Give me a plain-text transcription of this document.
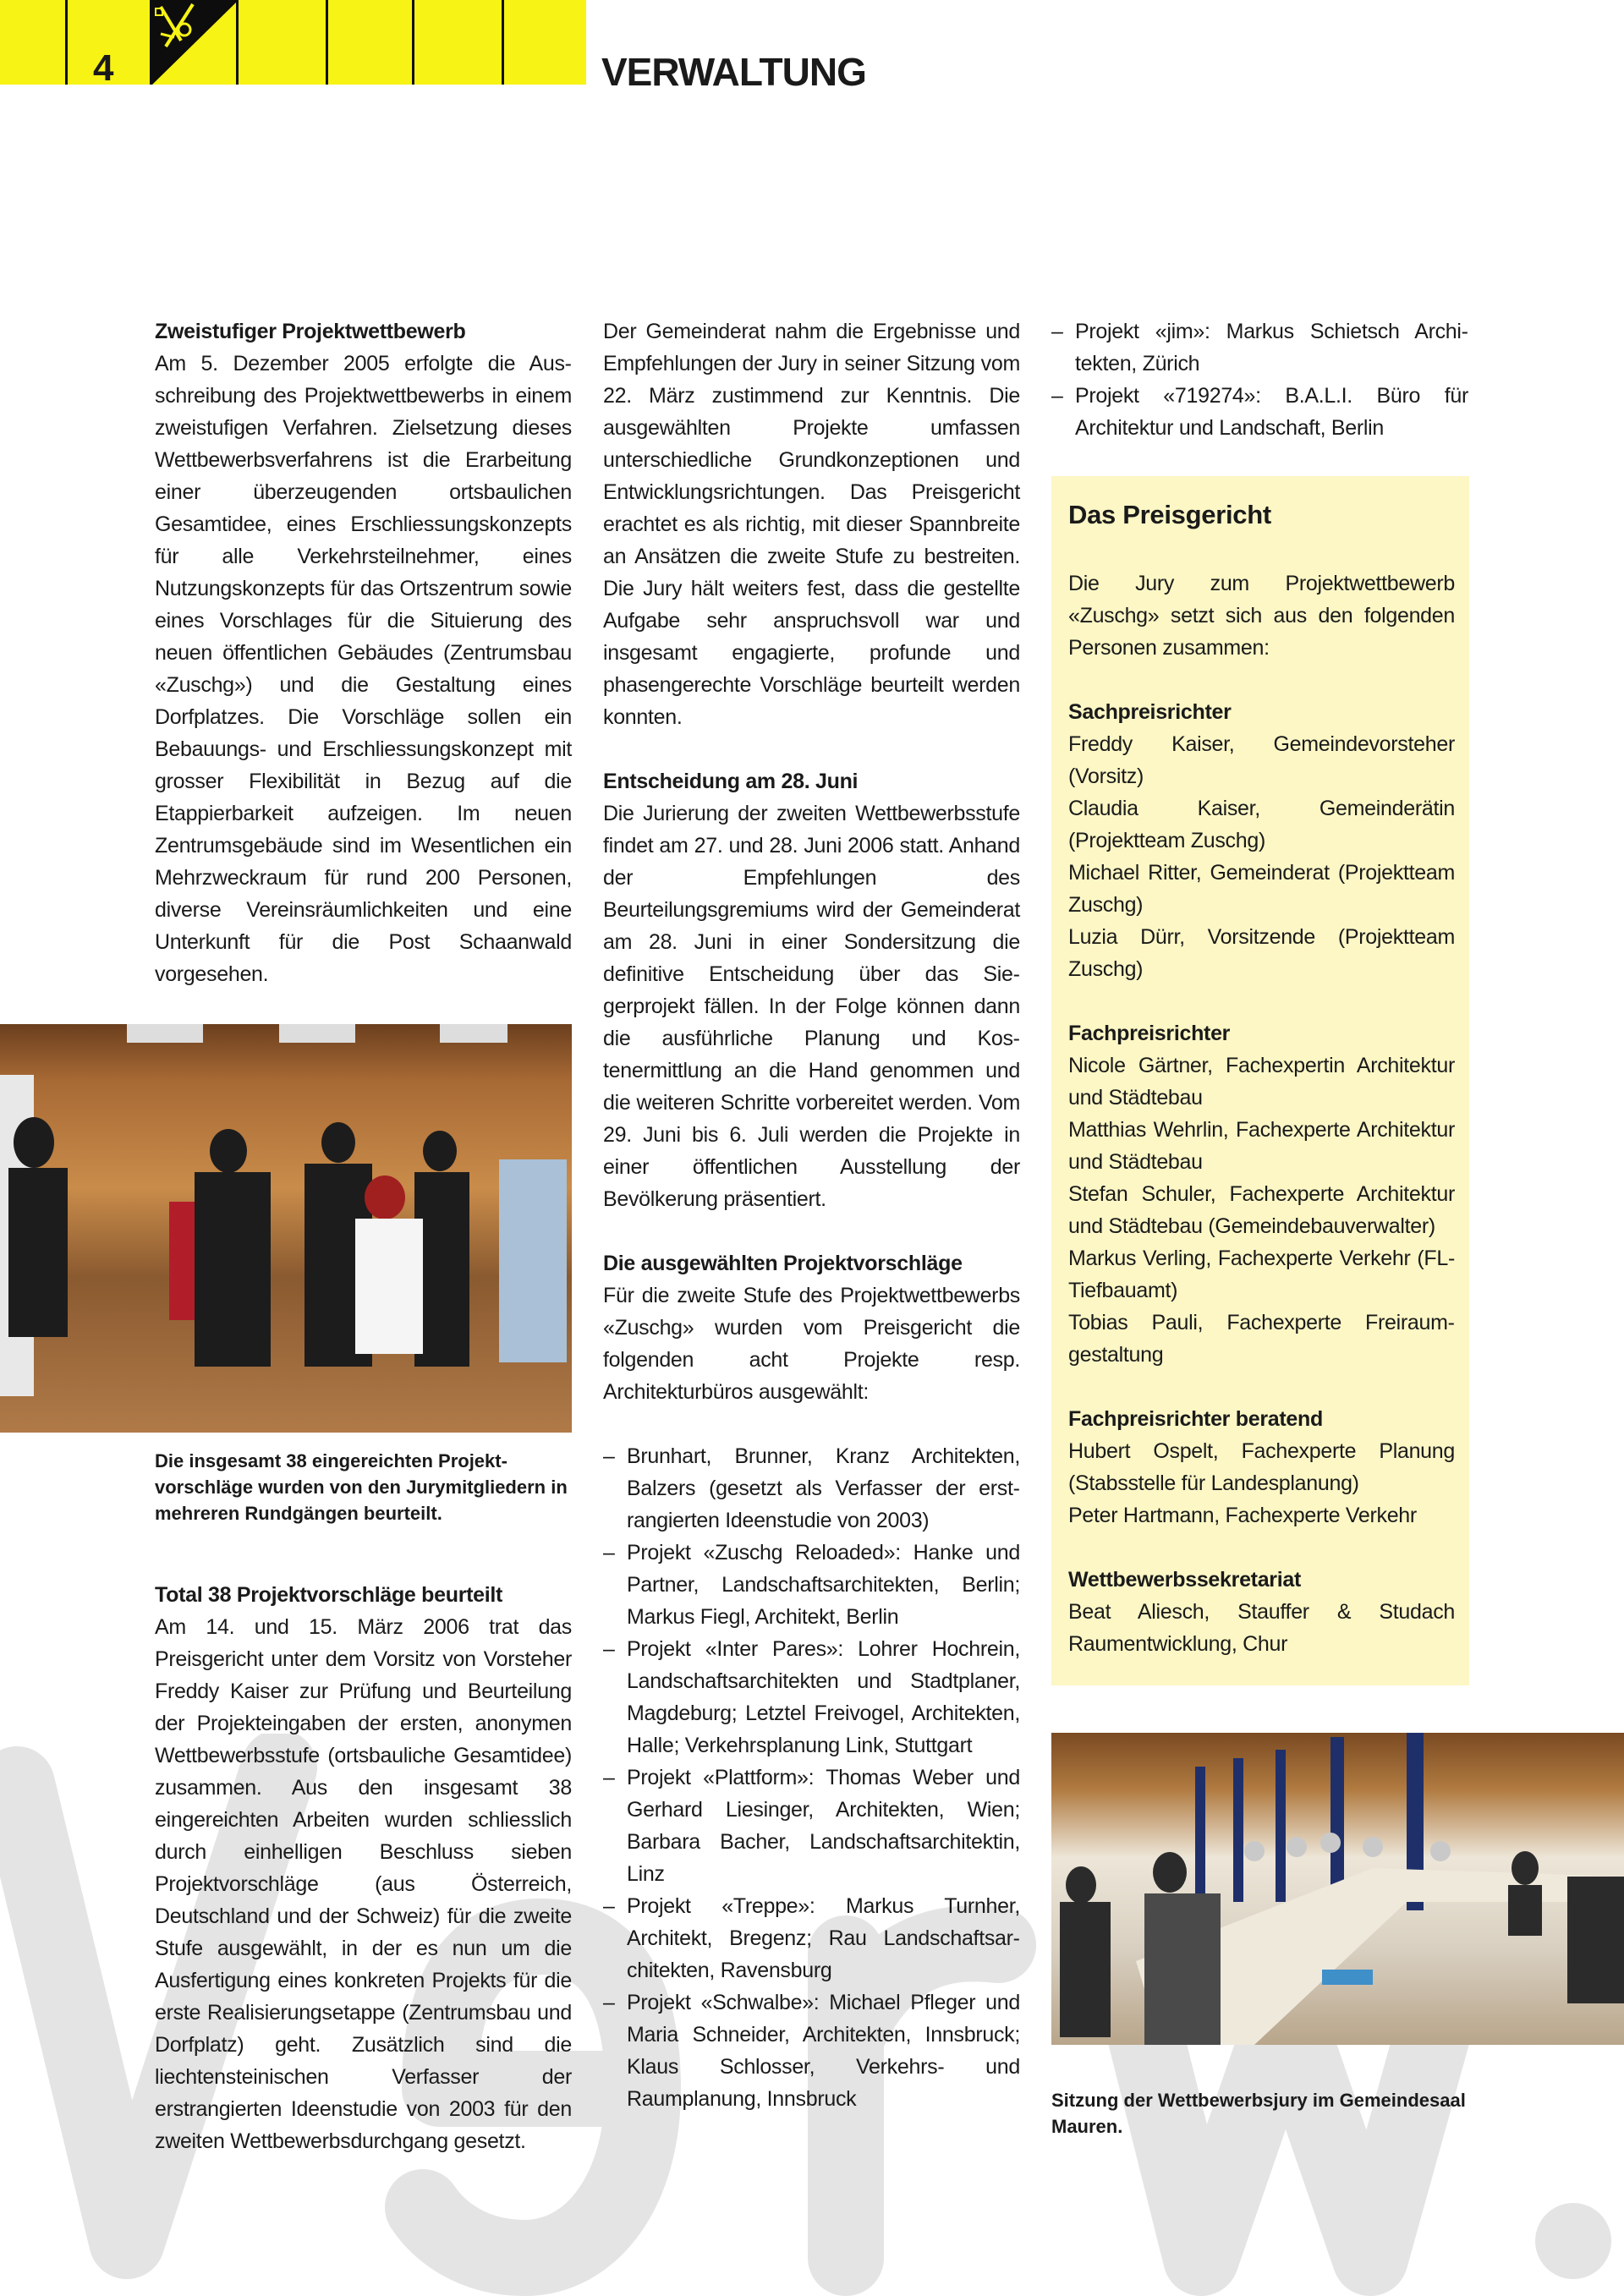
4	VERWALTUNG
Zweistufiger Projektwettbewerb

Am 5. Dezember 2005 erfolgte die Ausschreibung des Projektwettbewerbs in einem zweistufigen Verfahren. Zielsetzung dieses Wettbewerbsverfahrens ist die Erarbeitung einer überzeugenden ortsbaulichen Gesamtidee, eines Erschliessungskonzepts für alle Verkehrsteilnehmer, eines Nutzungskonzepts für das Ortszentrum sowie eines Vorschlages für die Situierung des neuen öffentlichen Gebäudes (Zentrumsbau «Zuschg») und die Gestaltung eines Dorfplatzes. Die Vorschläge sollen ein Bebauungs- und Erschliessungskonzept mit grosser Flexibilität in Bezug auf die Etappierbarkeit aufzeigen. Im neuen Zentrumsgebäude sind im Wesentlichen ein Mehrzweckraum für rund 200 Personen, diverse Vereinsräumlichkeiten und eine Unterkunft für die Post Schaanwald vorgesehen.

Die insgesamt 38 eingereichten Projektvorschläge wurden von den Jurymitgliedern in mehreren Rundgängen beurteilt.
Total 38 Projektvorschläge beurteilt

Am 14. und 15. März 2006 trat das Preisgericht unter dem Vorsitz von Vorsteher Freddy Kaiser zur Prüfung und Beurteilung der Projekteingaben der ersten, anonymen Wettbewerbsstufe (ortsbauliche Gesamtidee) zusammen. Aus den insgesamt 38 eingereichten Arbeiten wurden schliesslich durch einhelligen Beschluss sieben Projektvorschläge (aus Österreich, Deutschland und der Schweiz) für die zweite Stufe ausgewählt, in der es nun um die Ausfertigung eines konkreten Projekts für die erste Realisierungsetappe (Zentrumsbau und Dorfplatz) geht. Zusätzlich sind die liechtensteinischen Verfasser der erstrangierten Ideenstudie von 2003 für den zweiten Wettbewerbsdurchgang gesetzt.

Der Gemeinderat nahm die Ergebnisse und Empfehlungen der Jury in seiner Sitzung vom 22. März zustimmend zur Kenntnis. Die ausgewählten Projekte umfassen unterschiedliche Grundkonzeptionen und Entwicklungsrichtungen. Das Preisgericht erachtet es als richtig, mit dieser Spannbreite an Ansätzen die zweite Stufe zu bestreiten. Die Jury hält weiters fest, dass die gestellte Aufgabe sehr anspruchsvoll war und insgesamt engagierte, profunde und phasengerechte Vorschläge beurteilt werden konnten.

Entscheidung am 28. Juni

Die Jurierung der zweiten Wettbewerbsstufe findet am 27. und 28. Juni 2006 statt. Anhand der Empfehlungen des Beurteilungsgremiums wird der Gemeinderat am 28. Juni in einer Sondersitzung die definitive Entscheidung über das Siegerprojekt fällen. In der Folge können dann die ausführliche Planung und Kostenermittlung an die Hand genommen und die weiteren Schritte vorbereitet werden. Vom 29. Juni bis 6. Juli werden die Projekte in einer öffentlichen Ausstellung der Bevölkerung präsentiert.

Die ausgewählten Projektvorschläge

Für die zweite Stufe des Projektwettbewerbs «Zuschg» wurden vom Preisgericht die folgenden acht Projekte resp. Architekturbüros ausgewählt:

– Brunhart, Brunner, Kranz Architekten, Balzers (gesetzt als Verfasser der erstrangierten Ideenstudie von 2003)
– Projekt «Zuschg Reloaded»: Hanke und Partner, Landschaftsarchitekten, Berlin; Markus Fiegl, Architekt, Berlin
– Projekt «Inter Pares»: Lohrer Hochrein, Landschaftsarchitekten und Stadtplaner, Magdeburg; Letztel Freivogel, Architekten, Halle; Verkehrsplanung Link, Stuttgart
– Projekt «Plattform»: Thomas Weber und Gerhard Liesinger, Architekten, Wien; Barbara Bacher, Landschaftsarchitektin, Linz
– Projekt «Treppe»: Markus Turnher, Architekt, Bregenz; Rau Landschaftsarchitekten, Ravensburg
– Projekt «Schwalbe»: Michael Pfleger und Maria Schneider, Architekten, Innsbruck; Klaus Schlosser, Verkehrs- und Raumplanung, Innsbruck
– Projekt «jim»: Markus Schietsch Architekten, Zürich
– Projekt «719274»: B.A.L.I. Büro für Architektur und Landschaft, Berlin
Das Preisgericht

Die Jury zum Projektwettbewerb «Zuschg» setzt sich aus den folgenden Personen zusammen:

Sachpreisrichter

Freddy Kaiser, Gemeindevorsteher (Vorsitz)

Claudia Kaiser, Gemeinderätin (Projektteam Zuschg)

Michael Ritter, Gemeinderat (Projektteam Zuschg)

Luzia Dürr, Vorsitzende (Projektteam Zuschg)

Fachpreisrichter

Nicole Gärtner, Fachexpertin Architektur und Städtebau

Matthias Wehrlin, Fachexperte Architektur und Städtebau

Stefan Schuler, Fachexperte Architektur und Städtebau (Gemeindebauverwalter)

Markus Verling, Fachexperte Verkehr (FL-Tiefbauamt)

Tobias Pauli, Fachexperte Freiraumgestaltung

Fachpreisrichter beratend

Hubert Ospelt, Fachexperte Planung (Stabsstelle für Landesplanung)

Peter Hartmann, Fachexperte Verkehr

Wettbewerbssekretariat

Beat Aliesch, Stauffer & Studach Raumentwicklung, Chur

Sitzung der Wettbewerbsjury im Gemeindesaal Mauren.
